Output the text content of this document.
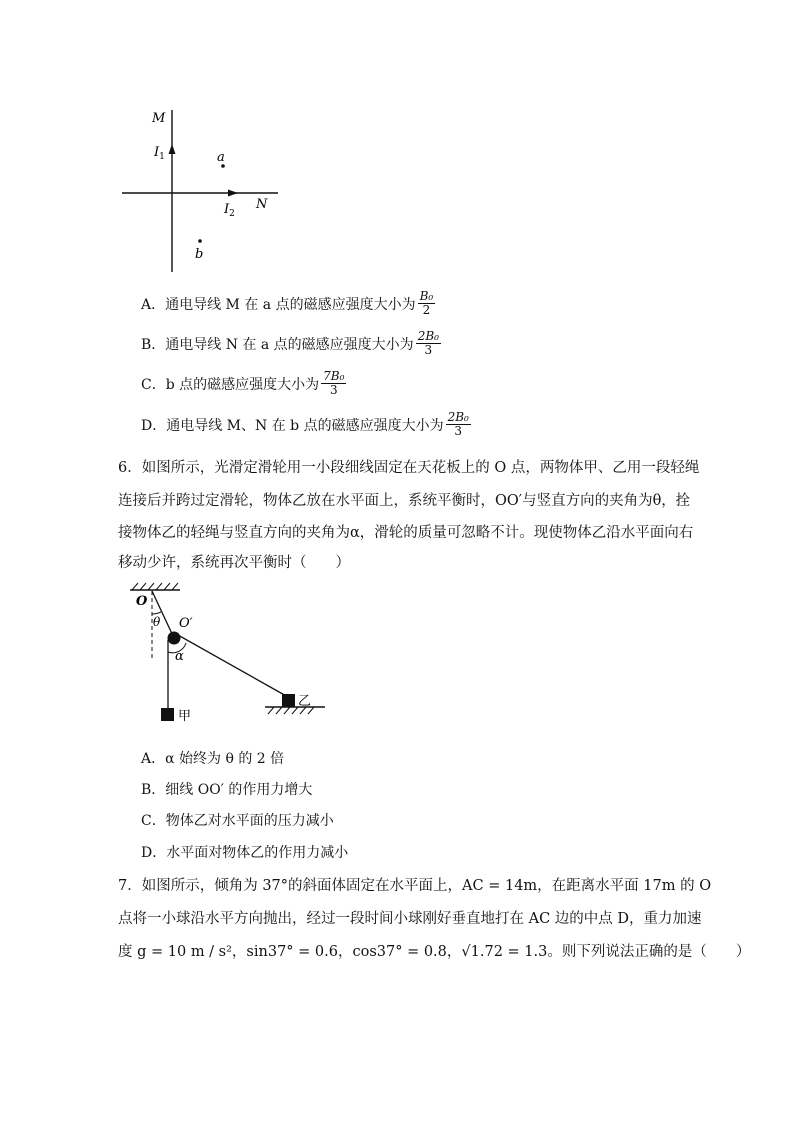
M
$I_1$	a
$I_2$
N
b
A．通电导线 M 在 a 点的磁感应强度大小为 $\frac{\text{B₀}}{2}$
B．通电导线 N 在 a 点的磁感应强度大小为 $\frac{\text{2B₀}}{3}$
C．b 点的磁感应强度大小为 $\frac{\text{7B₀}}{3}$
D．通电导线 M、N 在 b 点的磁感应强度大小为 $\frac{\text{2B₀}}{3}$
6．如图所示，光滑定滑轮用一小段细线固定在天花板上的 O 点，两物体甲、乙用一段轻绳
连接后并跨过定滑轮，物体乙放在水平面上，系统平衡时，OO′与竖直方向的夹角为θ，拴
接物体乙的轻绳与竖直方向的夹角为α，滑轮的质量可忽略不计。现使物体乙沿水平面向右
移动少许，系统再次平衡时（　　）
O
O′
θ
α
甲
乙
A．α 始终为 θ 的 2 倍
B．细线 OO′ 的作用力增大
C．物体乙对水平面的压力减小
D．水平面对物体乙的作用力减小
7．如图所示，倾角为 37°的斜面体固定在水平面上，AC = 14m，在距离水平面 17m 的 O
点将一小球沿水平方向抛出，经过一段时间小球刚好垂直地打在 AC 边的中点 D，重力加速
度 g = 10 m / s²，sin37° = 0.6，cos37° = 0.8，√1.72 = 1.3。则下列说法正确的是（　　）
